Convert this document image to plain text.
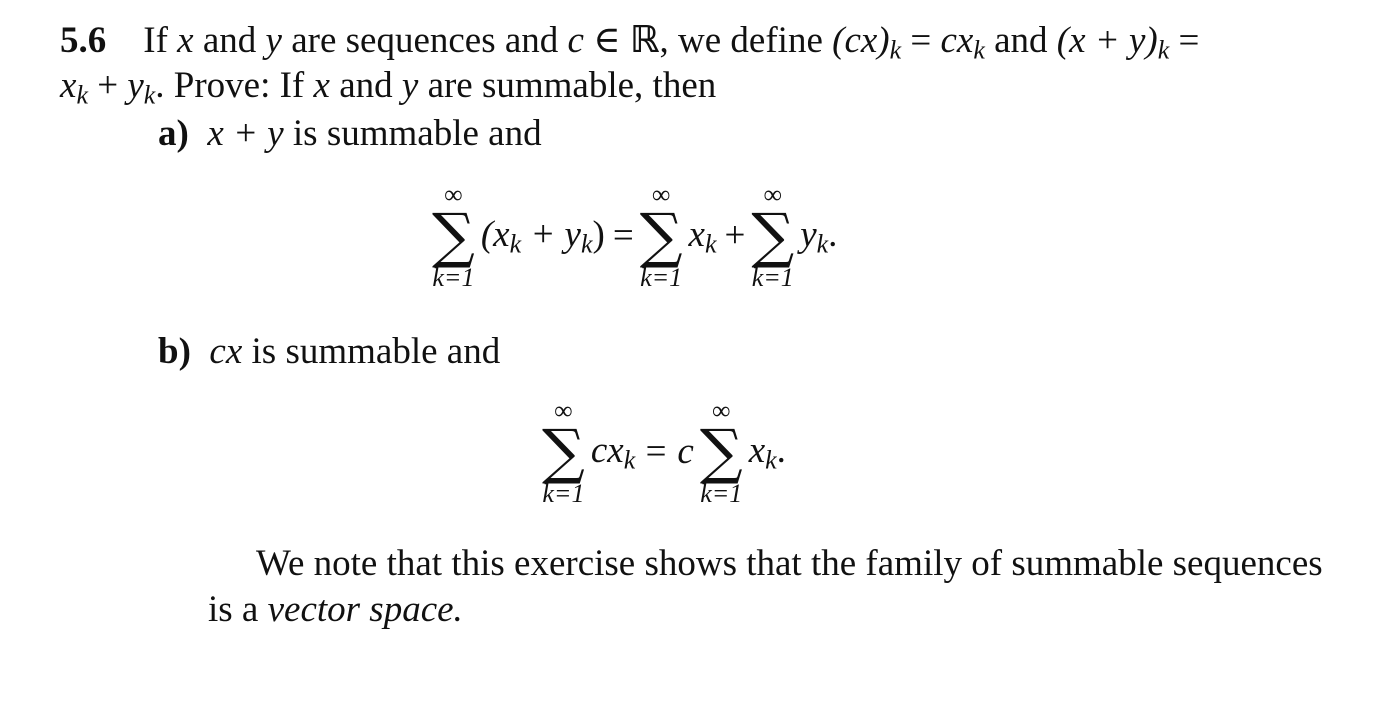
5.6 If x and y are sequences and c ∈ ℝ, we define $(cx)_k = cx_k$ and $(x + y)_k$ =
$x_k + y_k$. Prove: If x and y are summable, then
a) x + y is summable and
∞
∑
k=1
$(x_k + y_k)$ =
∞
∑
k=1
$x_k$ +
∞
∑
k=1
$y_k$.
b) cx is summable and
∞
∑
k=1
$cx_k = c$
∞
∑
k=1
$x_k$.
We note that this exercise shows that the family of summable sequences
is a vector space.
